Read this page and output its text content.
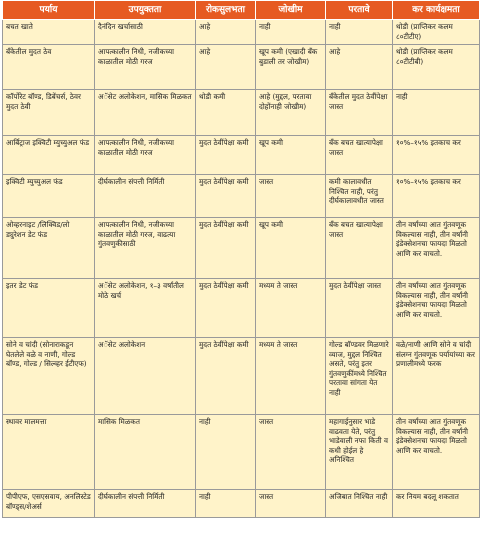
पर्याय	उपयुक्तता	रोकसुलभता	जोखीम	परतावे	कर कार्यक्षमता
बचत खाते	दैनंदिन खर्चासाठी	आहे	नाही	नाही	थोडी (प्राप्तिकर कलम ८०टीटीए)
बँकेतील मुदत ठेव	आपत्कालीन निधी, नजीकच्या काळातील मोठी गरज	आहे	खूप कमी (एखादी बँक बुडाली तर जोखीम)	आहे	थोडी (प्राप्तिकर कलम ८०टीटीबी)
कॉर्पोरेट बॉण्ड, डिबेंचर्स, ठेवर मुदत ठेवी	अॅसेट अलोकेशन, मासिक मिळकत	थोडी कमी	आहे (मुद्दल, परतावा दोहोंनाही जोखीम)	बँकेतील मुदत ठेवींपेक्षा जास्त	नाही
आर्बिट्राज इक्विटी म्युच्युअल फंड	आपत्कालीन निधी, नजीकच्या काळातील मोठी गरज	मुदत ठेवींपेक्षा कमी	खूप कमी	बँक बचत खात्यापेक्षा जास्त	१०%–१५% इतकाच कर
इक्विटी म्युच्युअल फंड	दीर्घकालीन संपत्ती निर्मिती	मुदत ठेवींपेक्षा कमी	जास्त	कमी कालावधीत निश्चित नाही, परंतु दीर्घकालावधीत जास्त	१०%–१५% इतकाच कर
ओव्हरनाइट /लिक्विड/लो ड्युरेशन डेट फंड	आपत्कालीन निधी, नजीकच्या काळातील मोठी गरज, वाढत्या गुंतवणुकीसाठी	मुदत ठेवींपेक्षा कमी	खूप कमी	बँक बचत खात्यापेक्षा जास्त	तीन वर्षांच्या आत गुंतवणूक विकल्यास नाही, तीन वर्षांनी इंडेक्सेशनचा फायदा मिळतो आणि कर वाचतो.
इतर डेट फंड	अॅसेट अलोकेशन, १–३ वर्षांतील मोठे खर्च	मुदत ठेवींपेक्षा कमी	मध्यम ते जास्त	मुदत ठेवींपेक्षा जास्त	तीन वर्षांच्या आत गुंतवणूक विकल्यास नाही, तीन वर्षांनी इंडेक्सेशनचा फायदा मिळतो आणि कर वाचतो.
सोने व चांदी (सोनाराकडून घेतलेले वळे व नाणी, गोल्ड बॉण्ड, गोल्ड / सिल्व्हर ईटीएफ)	अॅसेट अलोकेशन	मुदत ठेवींपेक्षा कमी	मध्यम ते जास्त	गोल्ड बॉण्डवर मिळणारे व्याज, मुद्दल निश्चित असते, परंतु इतर गुंतवणुकींमध्ये निश्चित परतावा सांगता येत नाही	वळे/नाणी आणि सोने व चांदी संलग्न गुंतवणूक पर्यायांच्या कर प्रणालीमध्ये फरक
स्थावर मालमत्ता	मासिक मिळकत	नाही	जास्त	महागाईनुसार भाडे वाढवता येते, परंतु भाडेवाली नफा किती व कधी होईल हे अनिश्चित	तीन वर्षांच्या आत गुंतवणूक विकल्यास नाही, तीन वर्षांनी इंडेक्सेशनचा फायदा मिळतो आणि कर वाचतो.
पीपीएफ, एसएसवाय, अनलिस्टेड बॉण्ड्स/शेअर्स	दीर्घकालीन संपत्ती निर्मिती	नाही	जास्त	अजिबात निश्चित नाही	कर नियम बदलू शकतात
